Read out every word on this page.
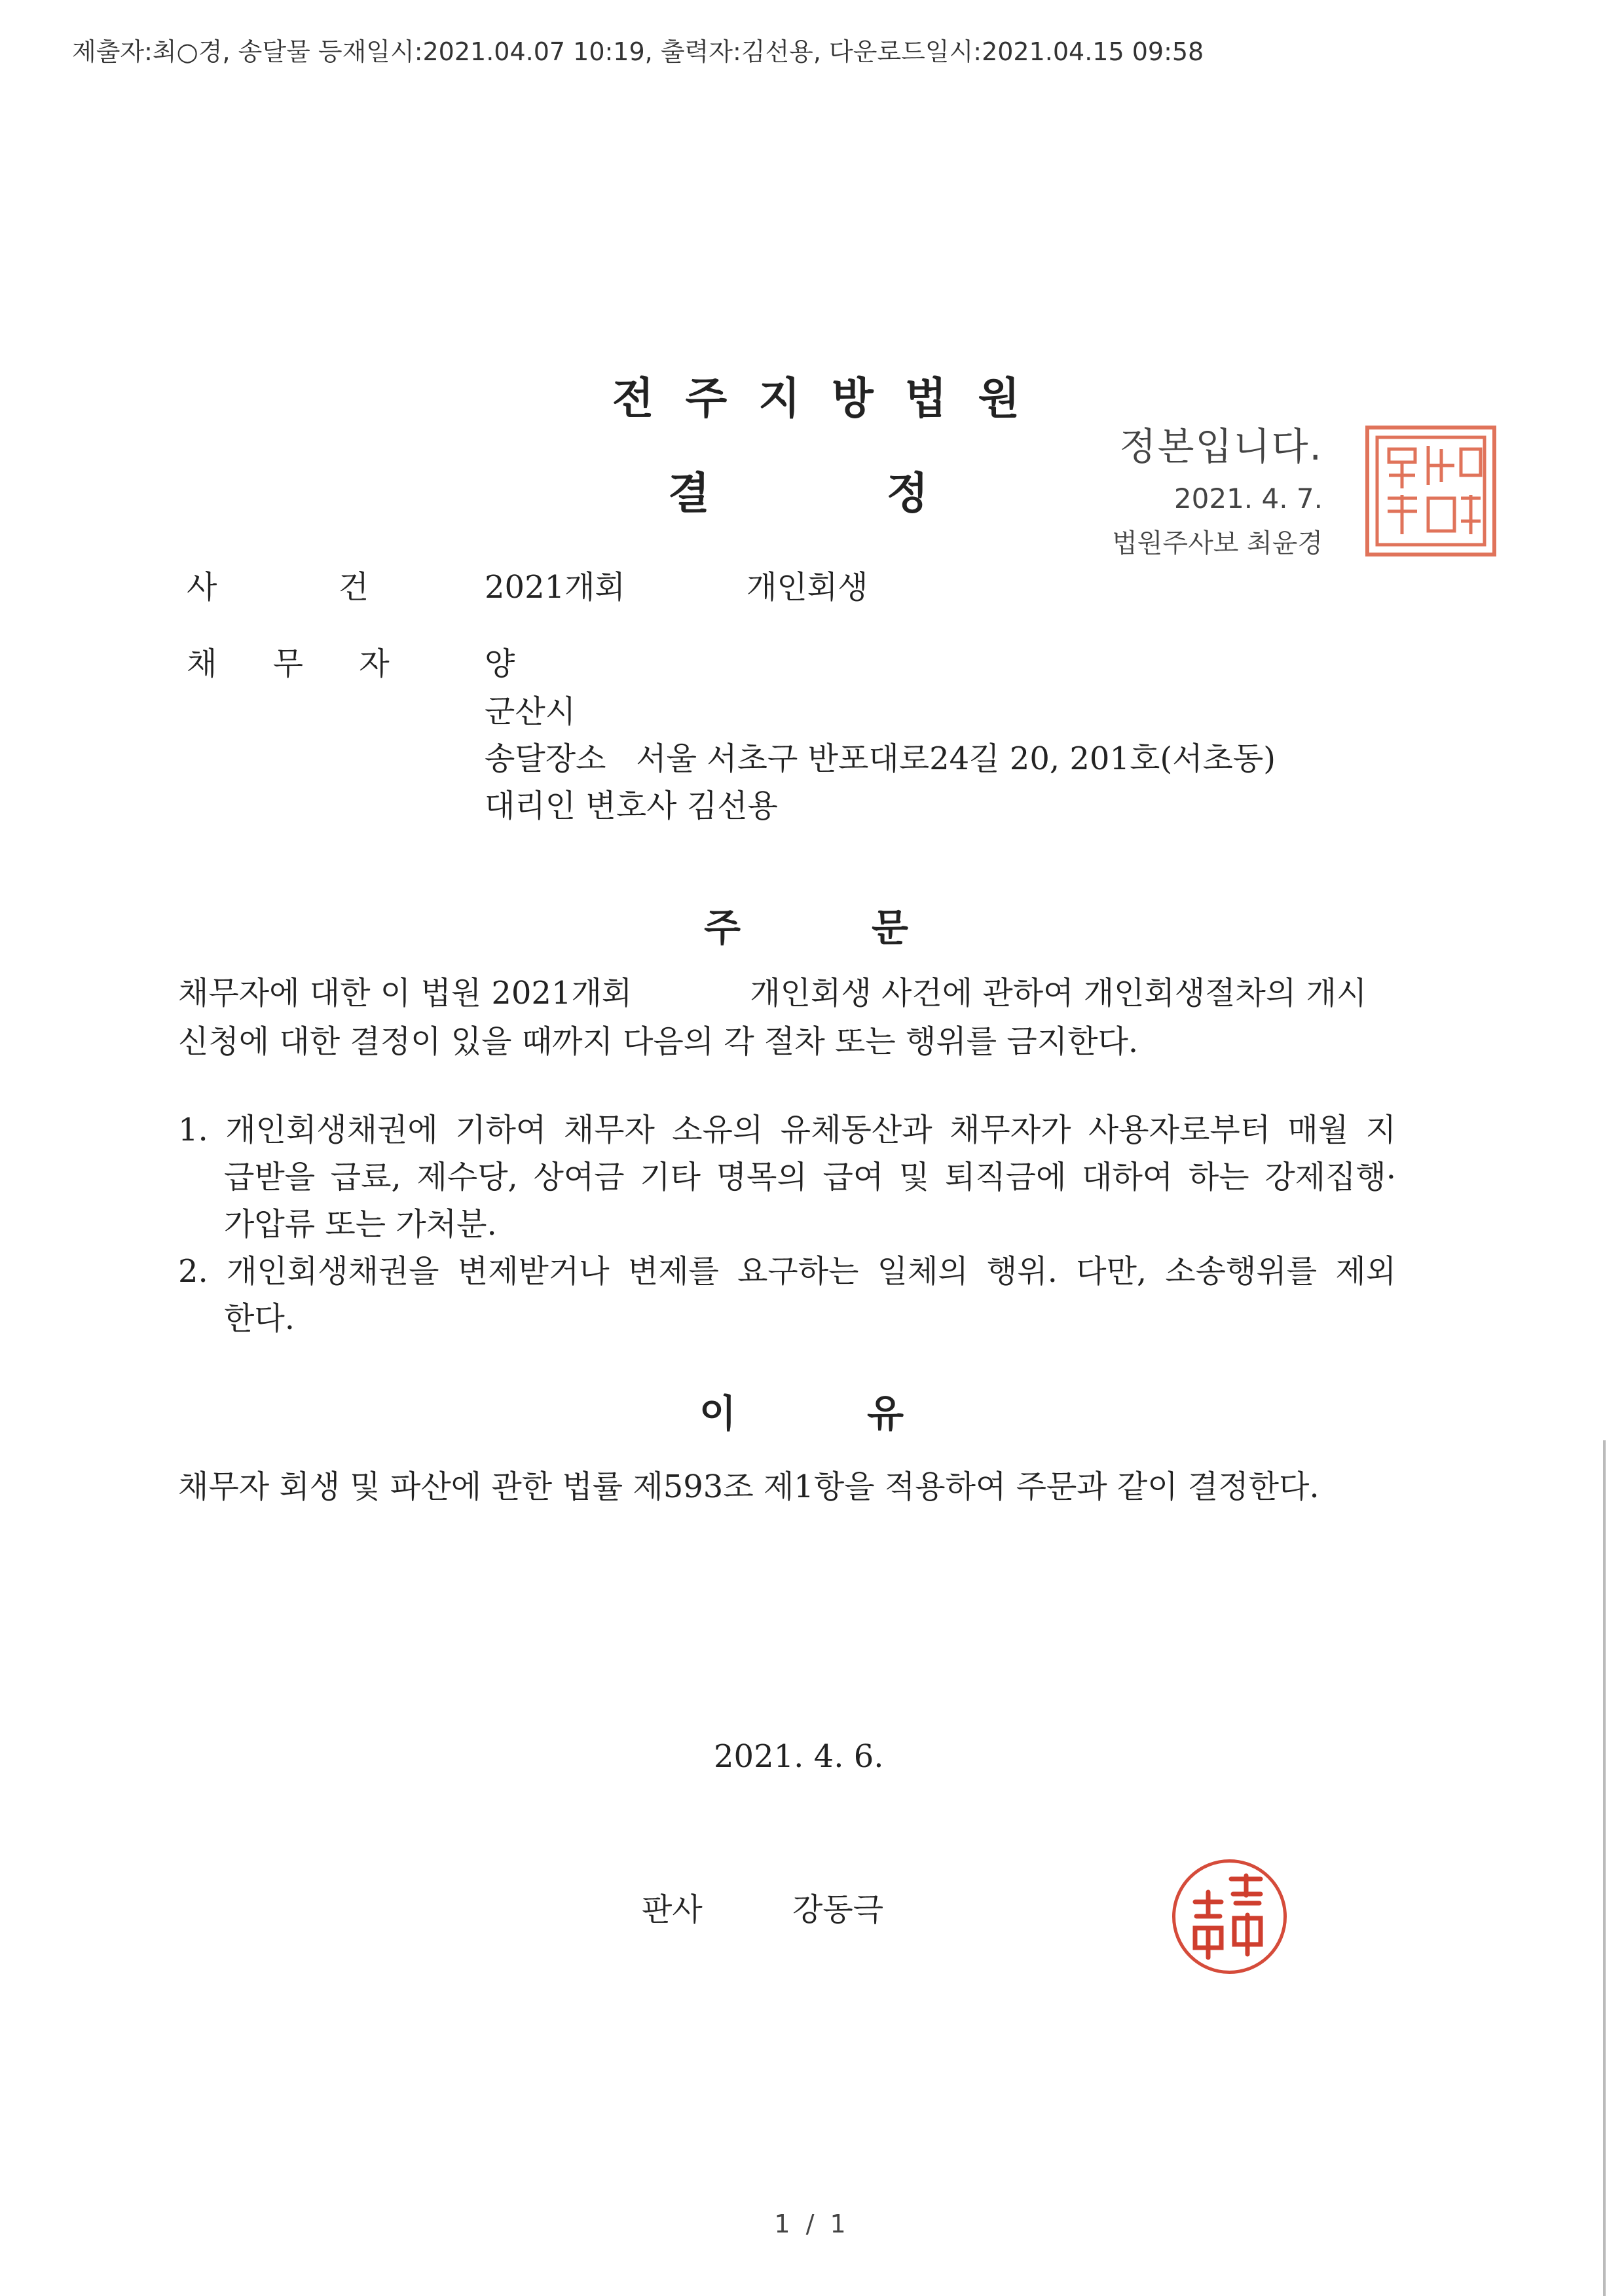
제출자:최○경, 송달물 등재일시:2021.04.07 10:19, 출력자:김선용, 다운로드일시:2021.04.15 09:58
전주지방법원
결	정
정본입니다.
2021. 4. 7.
법원주사보 최윤경
사 건	2021개회	개인회생
채 무 자	양
군산시
송달장소 서울 서초구 반포대로24길 20, 201호(서초동)
대리인 변호사 김선용
주	문
채무자에 대한 이 법원 2021개회	개인회생 사건에 관하여 개인회생절차의 개시
신청에 대한 결정이 있을 때까지 다음의 각 절차 또는 행위를 금지한다.
1. 개인회생채권에 기하여 채무자 소유의 유체동산과 채무자가 사용자로부터 매월 지
급받을 급료, 제수당, 상여금 기타 명목의 급여 및 퇴직금에 대하여 하는 강제집행·
가압류 또는 가처분.
2. 개인회생채권을 변제받거나 변제를 요구하는 일체의 행위. 다만, 소송행위를 제외
한다.
이	유
채무자 회생 및 파산에 관한 법률 제593조 제1항을 적용하여 주문과 같이 결정한다.
2021. 4. 6.
판사	강동극
1 / 1
